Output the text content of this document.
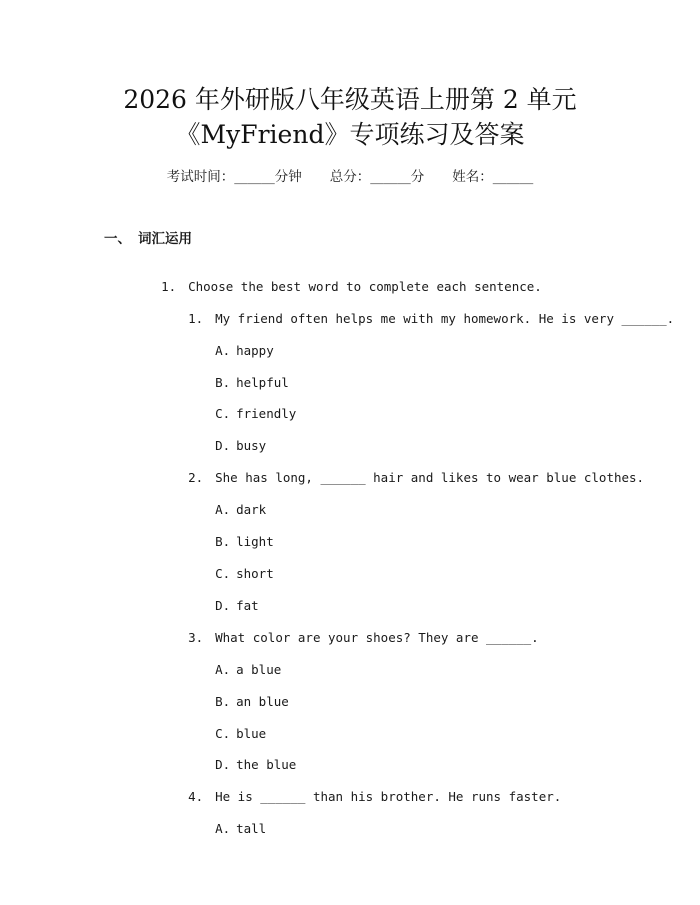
2026 年外研版八年级英语上册第 2 单元
《MyFriend》专项练习及答案
考试时间：______分钟 总分：______分 姓名：______
一、 词汇运用

1. Choose the best word to complete each sentence.

1. My friend often helps me with my homework. He is very ______.

A. happy

B. helpful

C. friendly

D. busy

2. She has long, ______ hair and likes to wear blue clothes.

A. dark

B. light

C. short

D. fat

3. What color are your shoes? They are ______.

A. a blue

B. an blue

C. blue

D. the blue

4. He is ______ than his brother. He runs faster.

A. tall
